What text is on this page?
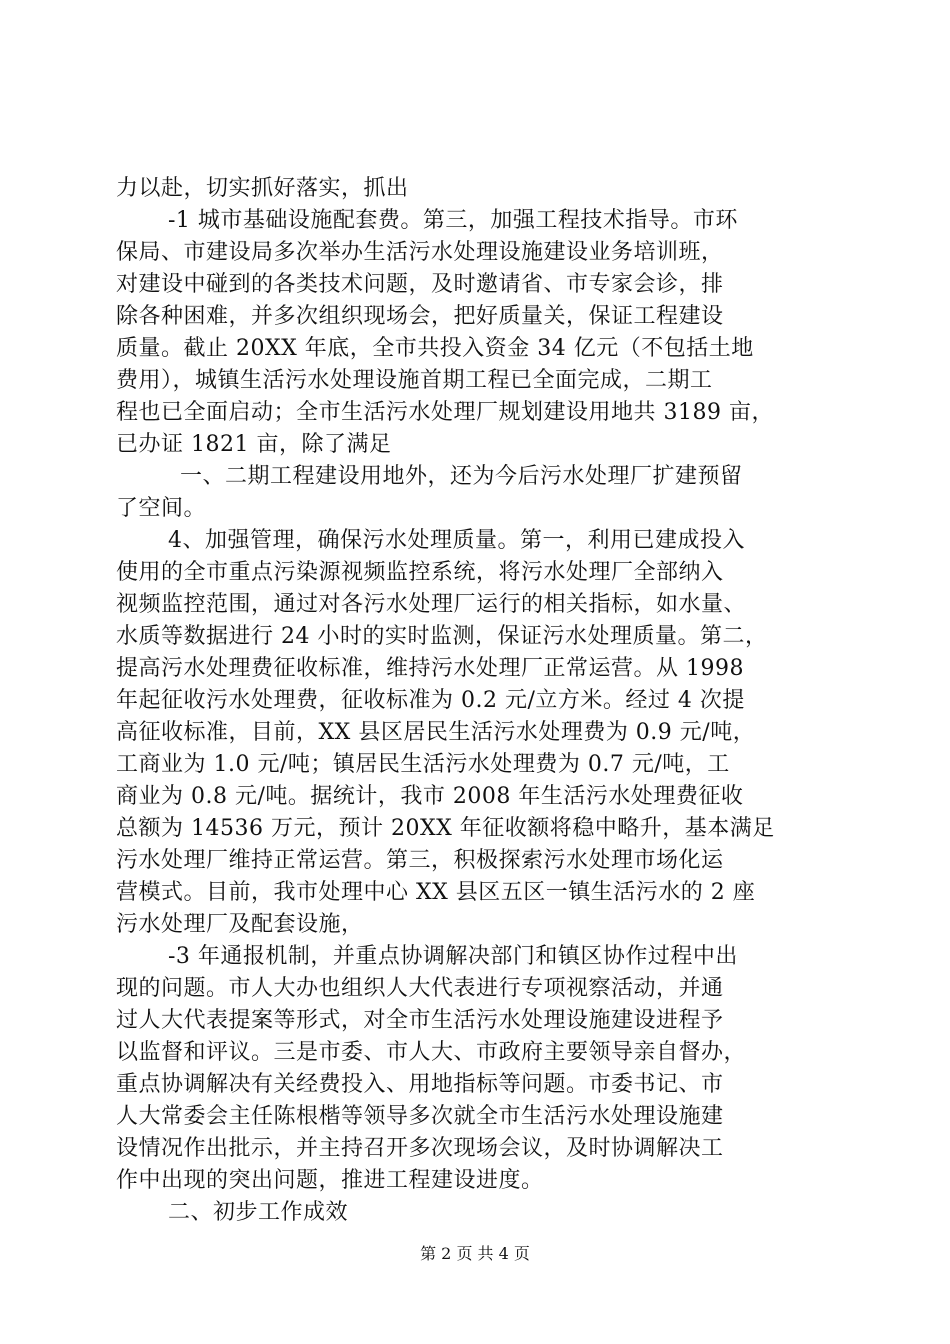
力以赴，切实抓好落实，抓出
-1 城市基础设施配套费。第三，加强工程技术指导。市环
保局、市建设局多次举办生活污水处理设施建设业务培训班，
对建设中碰到的各类技术问题，及时邀请省、市专家会诊，排
除各种困难，并多次组织现场会，把好质量关，保证工程建设
质量。截止 20XX 年底，全市共投入资金 34 亿元（不包括土地
费用），城镇生活污水处理设施首期工程已全面完成，二期工
程也已全面启动；全市生活污水处理厂规划建设用地共 3189 亩，
已办证 1821 亩，除了满足
一、二期工程建设用地外，还为今后污水处理厂扩建预留
了空间。
4、加强管理，确保污水处理质量。第一，利用已建成投入
使用的全市重点污染源视频监控系统，将污水处理厂全部纳入
视频监控范围，通过对各污水处理厂运行的相关指标，如水量、
水质等数据进行 24 小时的实时监测，保证污水处理质量。第二，
提高污水处理费征收标准，维持污水处理厂正常运营。从 1998
年起征收污水处理费，征收标准为 0.2 元/立方米。经过 4 次提
高征收标准，目前，XX 县区居民生活污水处理费为 0.9 元/吨，
工商业为 1.0 元/吨；镇居民生活污水处理费为 0.7 元/吨，工
商业为 0.8 元/吨。据统计，我市 2008 年生活污水处理费征收
总额为 14536 万元，预计 20XX 年征收额将稳中略升，基本满足
污水处理厂维持正常运营。第三，积极探索污水处理市场化运
营模式。目前，我市处理中心 XX 县区五区一镇生活污水的 2 座
污水处理厂及配套设施，
-3 年通报机制，并重点协调解决部门和镇区协作过程中出
现的问题。市人大办也组织人大代表进行专项视察活动，并通
过人大代表提案等形式，对全市生活污水处理设施建设进程予
以监督和评议。三是市委、市人大、市政府主要领导亲自督办，
重点协调解决有关经费投入、用地指标等问题。市委书记、市
人大常委会主任陈根楷等领导多次就全市生活污水处理设施建
设情况作出批示，并主持召开多次现场会议，及时协调解决工
作中出现的突出问题，推进工程建设进度。
二、初步工作成效
第 2 页 共 4 页
